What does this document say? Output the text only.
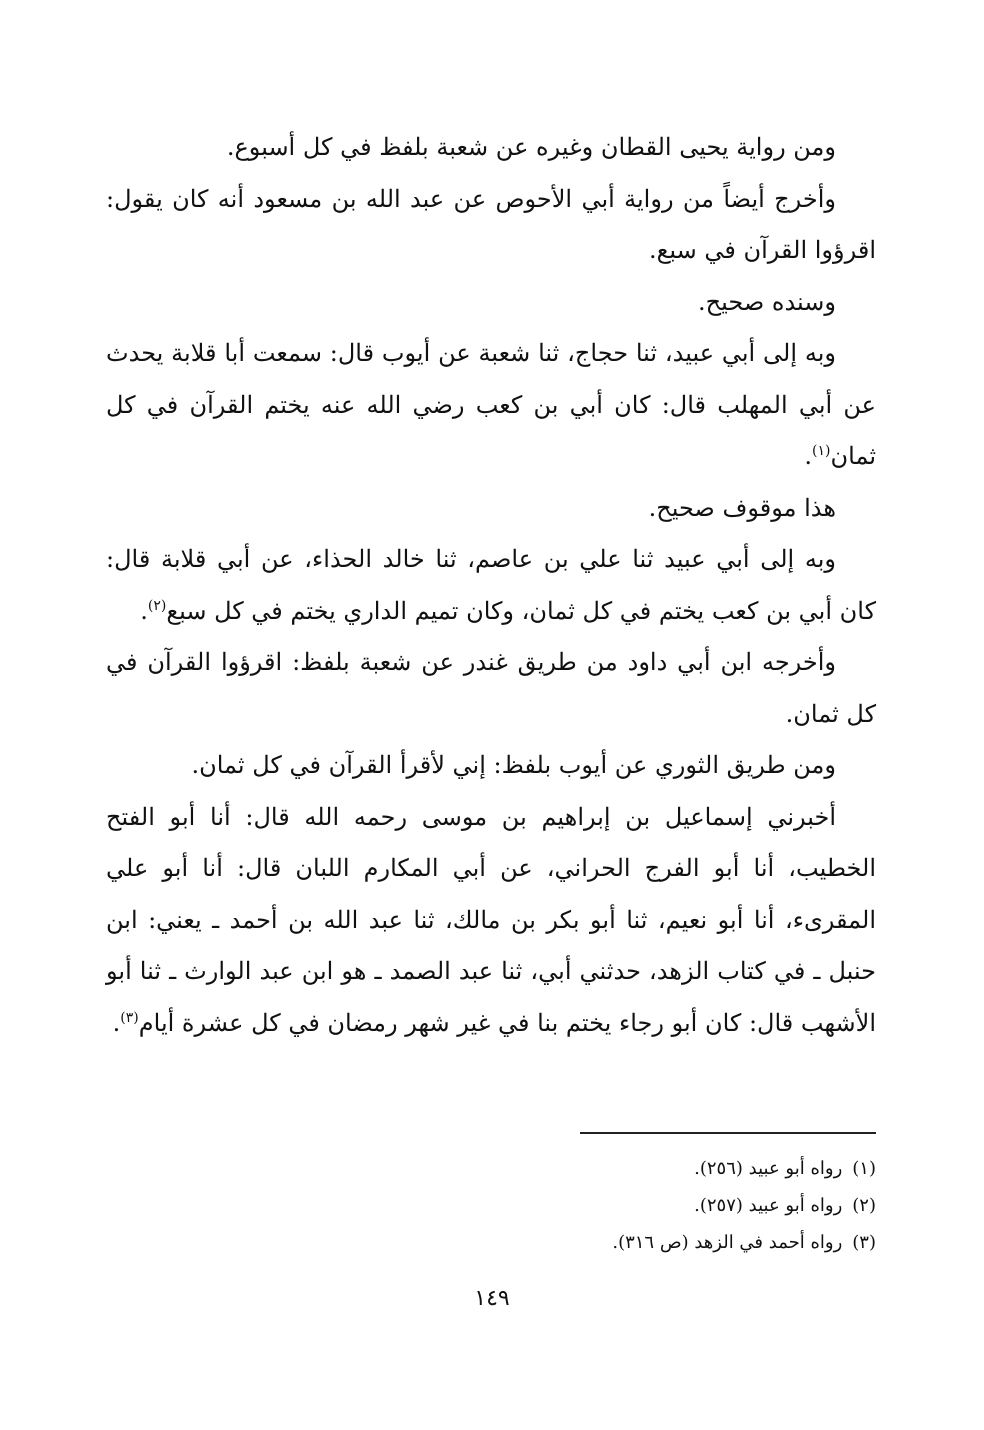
ومن رواية يحيى القطان وغيره عن شعبة بلفظ في كل أسبوع.

وأخرج أيضاً من رواية أبي الأحوص عن عبد الله بن مسعود أنه كان يقول: اقرؤوا القرآن في سبع.

وسنده صحيح.

وبه إلى أبي عبيد، ثنا حجاج، ثنا شعبة عن أيوب قال: سمعت أبا قلابة يحدث عن أبي المهلب قال: كان أبي بن كعب رضي الله عنه يختم القرآن في كل ثمان$^{(١)}$.

هذا موقوف صحيح.

وبه إلى أبي عبيد ثنا علي بن عاصم، ثنا خالد الحذاء، عن أبي قلابة قال: كان أبي بن كعب يختم في كل ثمان، وكان تميم الداري يختم في كل سبع$^{(٢)}$.

وأخرجه ابن أبي داود من طريق غندر عن شعبة بلفظ: اقرؤوا القرآن في كل ثمان.

ومن طريق الثوري عن أيوب بلفظ: إني لأقرأ القرآن في كل ثمان.

أخبرني إسماعيل بن إبراهيم بن موسى رحمه الله قال: أنا أبو الفتح الخطيب، أنا أبو الفرج الحراني، عن أبي المكارم اللبان قال: أنا أبو علي المقرىء، أنا أبو نعيم، ثنا أبو بكر بن مالك، ثنا عبد الله بن أحمد ـ يعني: ابن حنبل ـ في كتاب الزهد، حدثني أبي، ثنا عبد الصمد ـ هو ابن عبد الوارث ـ ثنا أبو الأشهب قال: كان أبو رجاء يختم بنا في غير شهر رمضان في كل عشرة أيام$^{(٣)}$.

(١)رواه أبو عبيد (٢٥٦).

(٢)رواه أبو عبيد (٢٥٧).

(٣)رواه أحمد في الزهد (ص ٣١٦).

١٤٩
